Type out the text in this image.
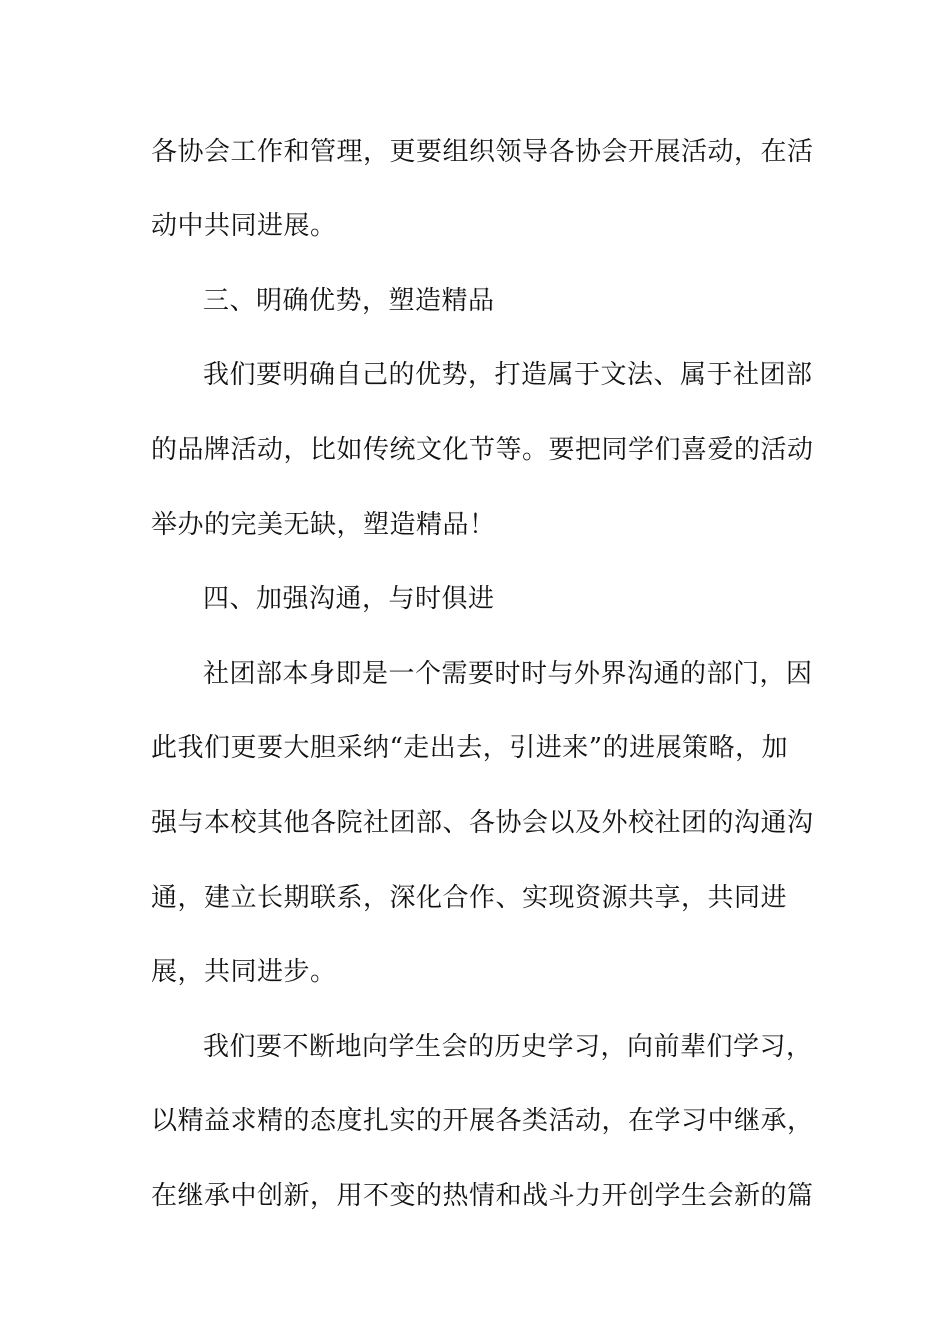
各协会工作和管理，更要组织领导各协会开展活动，在活
动中共同进展。
三、明确优势，塑造精品
我们要明确自己的优势，打造属于文法、属于社团部
的品牌活动，比如传统文化节等。要把同学们喜爱的活动
举办的完美无缺，塑造精品！
四、加强沟通，与时俱进
社团部本身即是一个需要时时与外界沟通的部门，因
此我们更要大胆采纳“走出去，引进来”的进展策略，加
强与本校其他各院社团部、各协会以及外校社团的沟通沟
通，建立长期联系，深化合作、实现资源共享，共同进
展，共同进步。
我们要不断地向学生会的历史学习，向前辈们学习，
以精益求精的态度扎实的开展各类活动，在学习中继承，
在继承中创新，用不变的热情和战斗力开创学生会新的篇
